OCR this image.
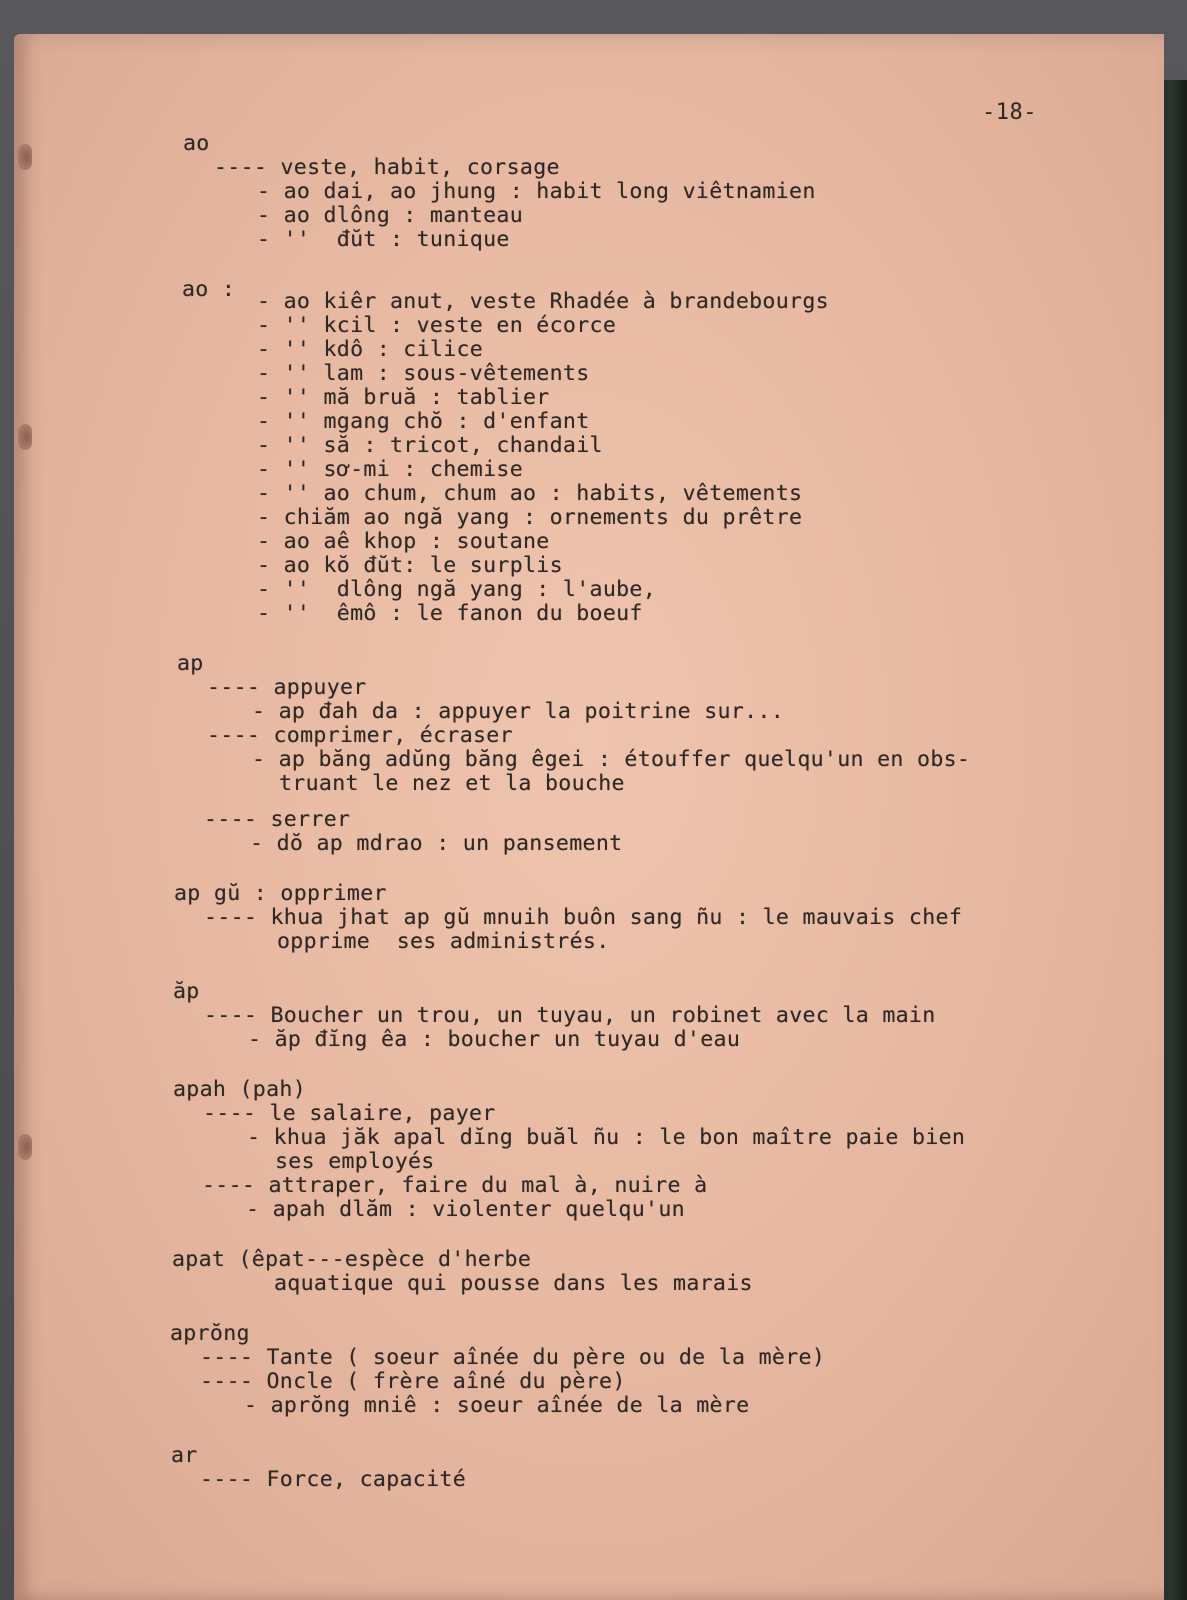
-18-
ao
---- veste, habit, corsage
- ao dai, ao jhung : habit long viêtnamien
- ao dlông : manteau
- ''  đŭt : tunique
ao : - ao kiêr anut, veste Rhadée à brandebourgs
- '' kcil : veste en écorce
- '' kdô : cilice
- '' lam : sous-vêtements
- '' mă bruă : tablier
- '' mgang chŏ : d'enfant
- '' să : tricot, chandail
- '' sơ-mi : chemise
- '' ao chum, chum ao : habits, vêtements
- chiăm ao ngă yang : ornements du prêtre
- ao aê khop : soutane
- ao kŏ đŭt: le surplis
- ''  dlông ngă yang : l'aube,
- ''  êmô : le fanon du boeuf
ap
---- appuyer
- ap đah da : appuyer la poitrine sur...
---- comprimer, écraser
- ap băng adŭng băng êgei : étouffer quelqu'un en obs-
truant le nez et la bouche
---- serrer
- dŏ ap mdrao : un pansement
ap gŭ : opprimer
---- khua jhat ap gŭ mnuih buôn sang ñu : le mauvais chef
opprime  ses administrés.
ăp
---- Boucher un trou, un tuyau, un robinet avec la main
- ăp đĭng êa : boucher un tuyau d'eau
apah (pah)
---- le salaire, payer
- khua jăk apal dĭng buăl ñu : le bon maître paie bien
ses employés
---- attraper, faire du mal à, nuire à
- apah dlăm : violenter quelqu'un
apat (êpat---espèce d'herbe
aquatique qui pousse dans les marais
aprŏng
---- Tante ( soeur aînée du père ou de la mère)
---- Oncle ( frère aîné du père)
- aprŏng mniê : soeur aînée de la mère
ar
---- Force, capacité
